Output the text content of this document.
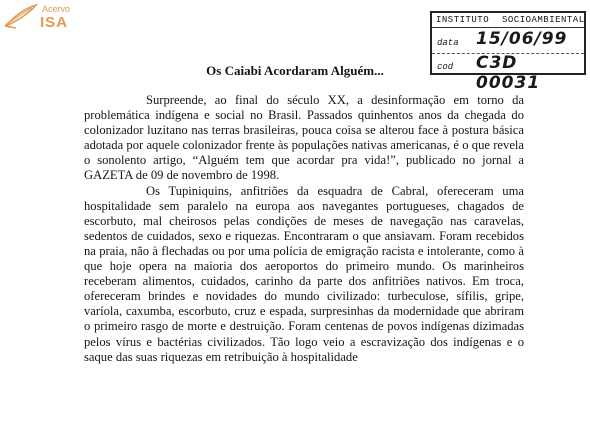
Acervo
ISA	INSTITUTO SOCIOAMBIENTAL
data 15/06/99
cod C3D 00031
Os Caiabi Acordaram Alguém...

Surpreende, ao final do século XX, a desinformação em torno da problemática indígena e social no Brasil. Passados quinhentos anos da chegada do colonizador luzitano nas terras brasileiras, pouca coisa se alterou face à postura básica adotada por aquele colonizador frente às populações nativas americanas, é o que revela o sonolento artigo, “Alguém tem que acordar pra vida!”, publicado no jornal a GAZETA de 09 de novembro de 1998.

Os Tupiniquins, anfitriões da esquadra de Cabral, ofereceram uma hospitalidade sem paralelo na europa aos navegantes portugueses, chagados de escorbuto, mal cheirosos pelas condições de meses de navegação nas caravelas, sedentos de cuidados, sexo e riquezas. Encontraram o que ansiavam. Foram recebidos na praia, não à flechadas ou por uma polícia de emigração racista e intolerante, como à que hoje opera na maioria dos aeroportos do primeiro mundo. Os marinheiros receberam alimentos, cuidados, carinho da parte dos anfitriões nativos. Em troca, ofereceram brindes e novidades do mundo civilizado: turbeculose, sífilis, gripe, varíola, caxumba, escorbuto, cruz e espada, surpresinhas da modernidade que abriram o primeiro rasgo de morte e destruição. Foram centenas de povos indígenas dizimadas pelos vírus e bactérias civilizados. Tão logo veio a escravização dos indígenas e o saque das suas riquezas em retribuição à hospitalidade
